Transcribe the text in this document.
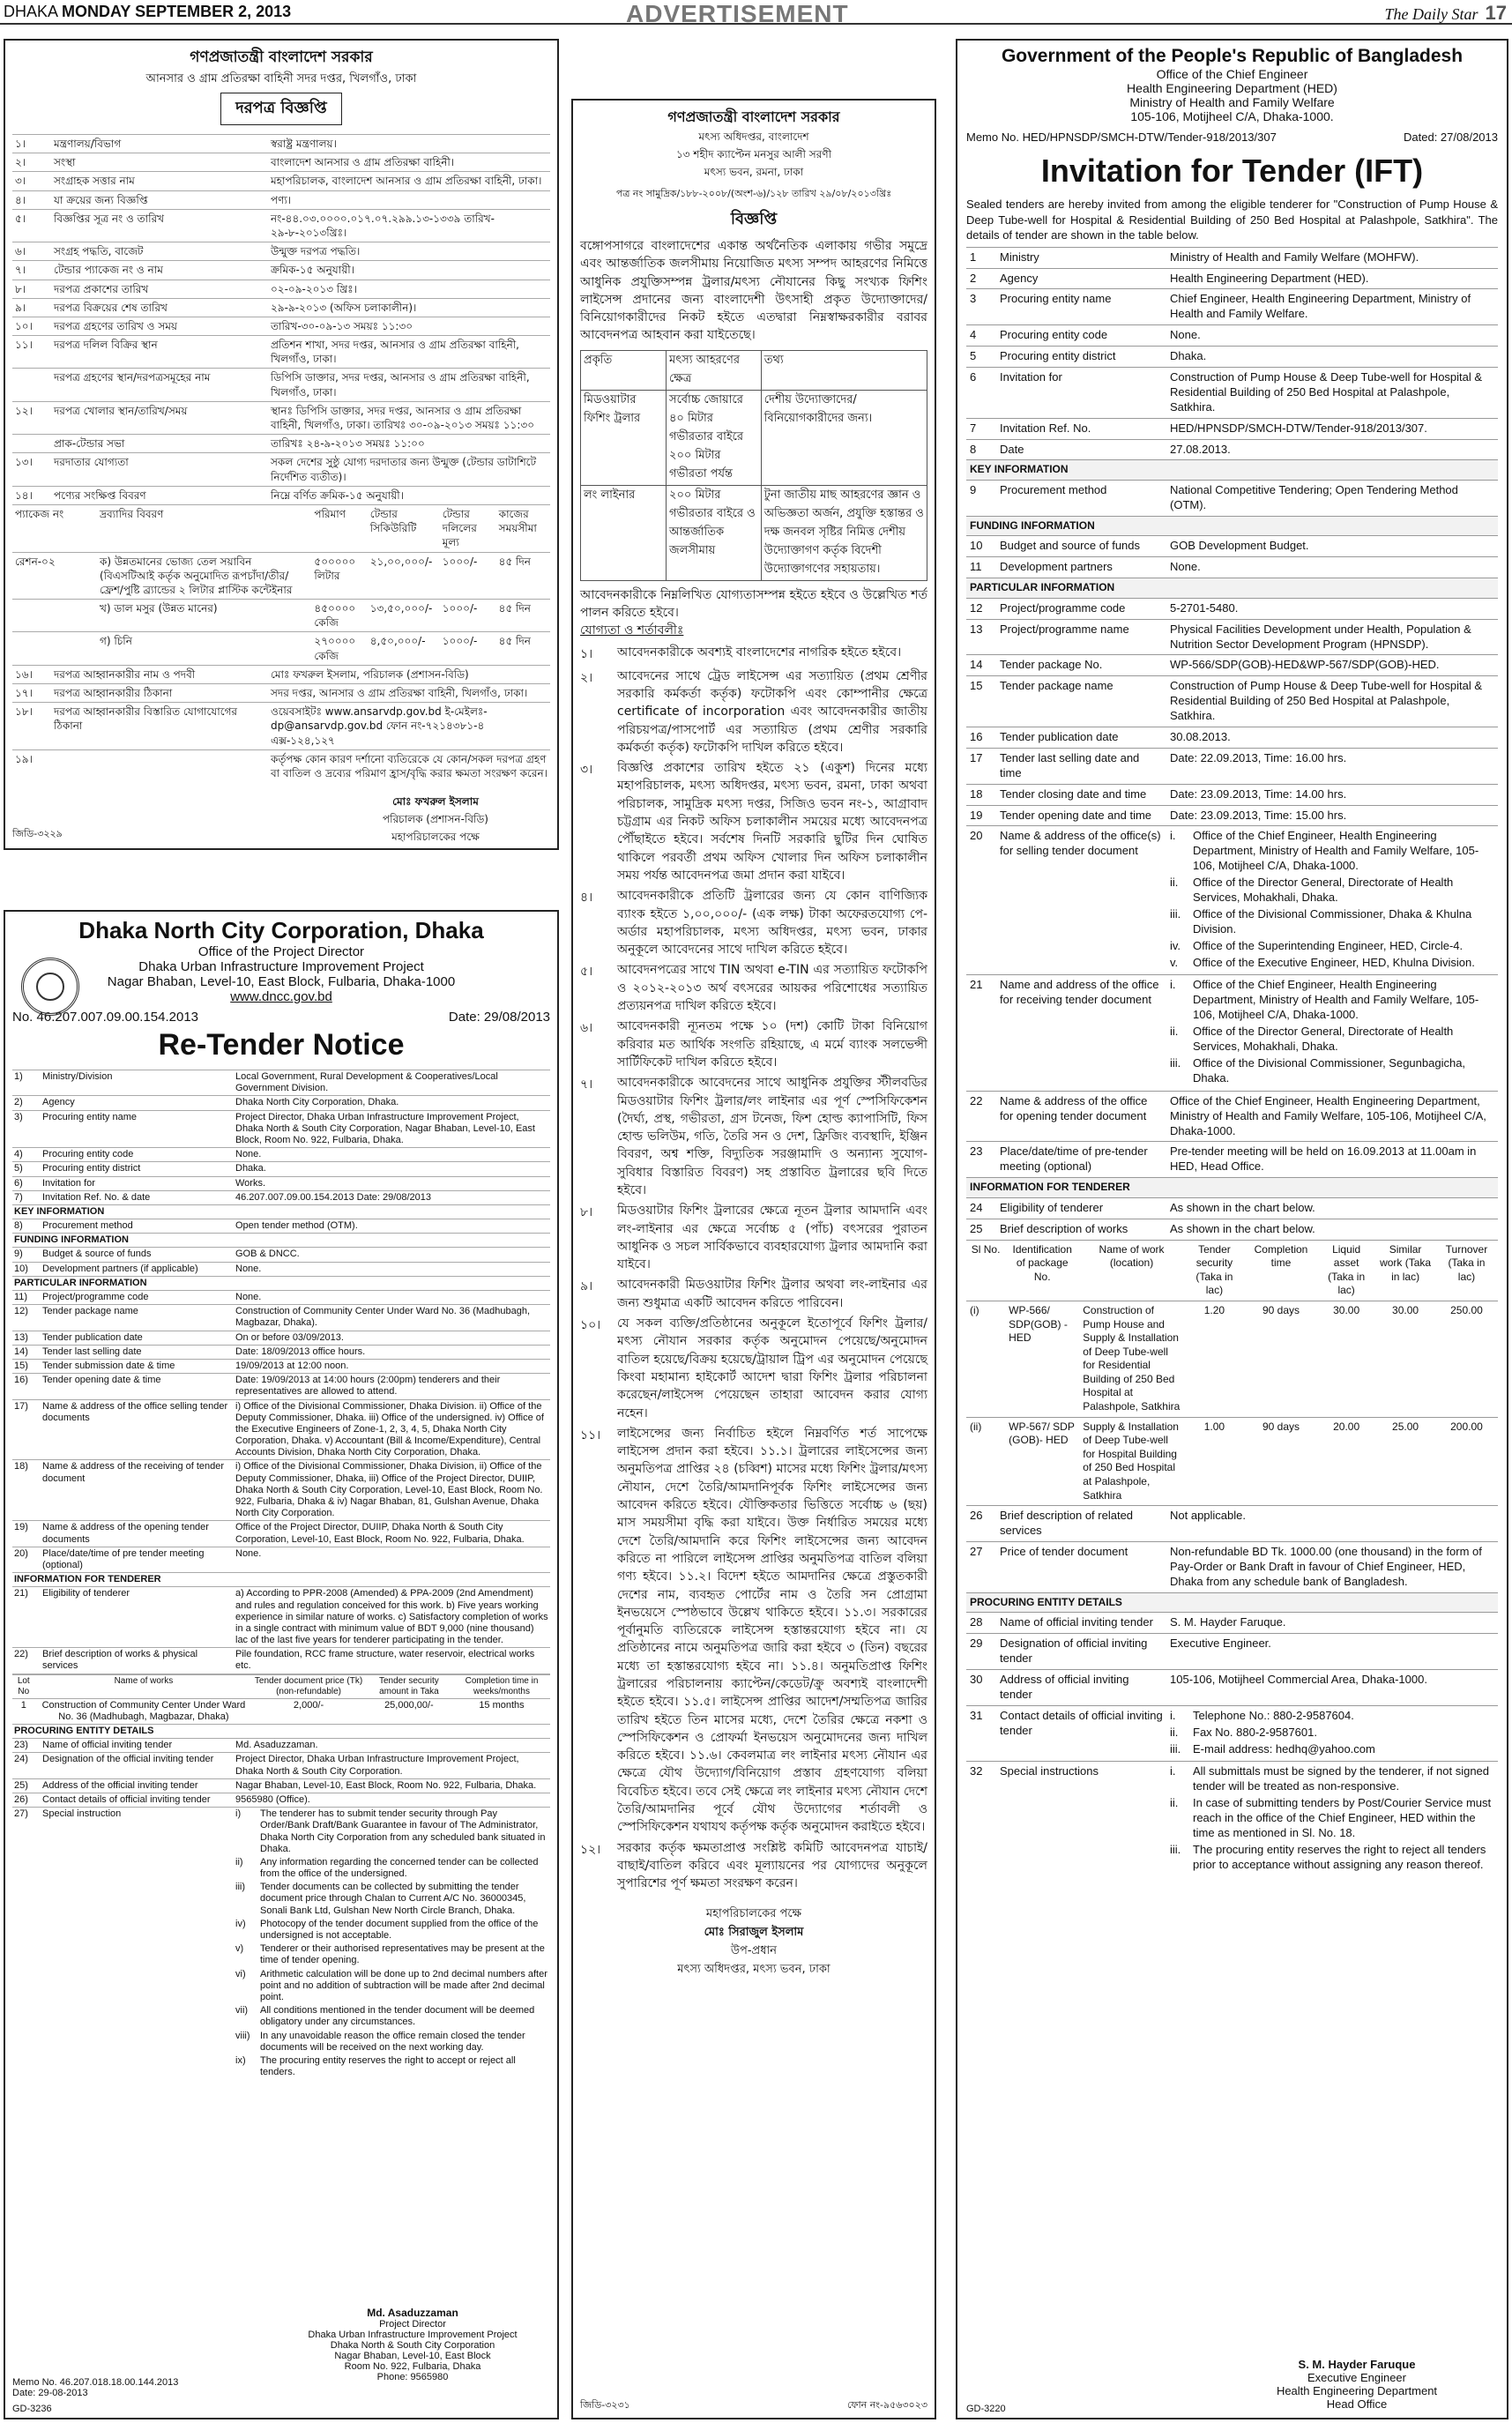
DHAKA MONDAY SEPTEMBER 2, 2013	ADVERTISEMENT	The Daily Star 17
গণপ্রজাতন্ত্রী বাংলাদেশ সরকার
আনসার ও গ্রাম প্রতিরক্ষা বাহিনী সদর দপ্তর, খিলগাঁও, ঢাকা
দরপত্র বিজ্ঞপ্তি
১।	মন্ত্রণালয়/বিভাগ	স্বরাষ্ট্র মন্ত্রণালয়।
২।	সংস্থা	বাংলাদেশ আনসার ও গ্রাম প্রতিরক্ষা বাহিনী।
৩।	সংগ্রাহক সত্তার নাম	মহাপরিচালক, বাংলাদেশ আনসার ও গ্রাম প্রতিরক্ষা বাহিনী, ঢাকা।
৪।	যা ক্রয়ের জন্য বিজ্ঞপ্তি	পণ্য।
৫।	বিজ্ঞপ্তির সূত্র নং ও তারিখ	নং-৪৪.০৩.০০০০.০১৭.০৭.২৯৯.১৩-১৩৩৯ তারিখ- ২৯-৮-২০১৩খ্রিঃ।
৬।	সংগ্রহ পদ্ধতি, বাজেট	উন্মুক্ত দরপত্র পদ্ধতি।
৭।	টেন্ডার প্যাকেজ নং ও নাম	ক্রমিক-১৫ অনুযায়ী।
৮।	দরপত্র প্রকাশের তারিখ	০২-০৯-২০১৩ খ্রিঃ।
৯।	দরপত্র বিক্রয়ের শেষ তারিখ	২৯-৯-২০১৩ (অফিস চলাকালীন)।
১০।	দরপত্র গ্রহণের তারিখ ও সময়	তারিখ-৩০-০৯-১৩ সময়ঃ ১১:৩০
১১।	দরপত্র দলিল বিক্রির স্থান	প্রতিশন শাখা, সদর দপ্তর, আনসার ও গ্রাম প্রতিরক্ষা বাহিনী, খিলগাঁও, ঢাকা।
	দরপত্র গ্রহণের স্থান/দরপত্রসমূহের নাম	ডিপিসি ডাক্তার, সদর দপ্তর, আনসার ও গ্রাম প্রতিরক্ষা বাহিনী, খিলগাঁও, ঢাকা।
১২।	দরপত্র খোলার স্থান/তারিখ/সময়	স্থানঃ ডিপিসি ডাক্তার, সদর দপ্তর, আনসার ও গ্রাম প্রতিরক্ষা বাহিনী, খিলগাঁও, ঢাকা। তারিখঃ ৩০-০৯-২০১৩ সময়ঃ ১১:৩০
	প্রাক-টেন্ডার সভা	তারিখঃ ২৪-৯-২০১৩ সময়ঃ ১১:০০
১৩।	দরদাতার যোগ্যতা	সকল দেশের সুষ্ঠু যোগ্য দরদাতার জন্য উন্মুক্ত (টেন্ডার ডাটাশিটে নির্দেশিত ব্যতীত)।
১৪।	পণ্যের সংক্ষিপ্ত বিবরণ	নিম্নে বর্ণিত ক্রমিক-১৫ অনুযায়ী।
প্যাকেজ নং	দ্রব্যাদির বিবরণ	পরিমাণ	টেন্ডার সিকিউরিটি	টেন্ডার দলিলের মূল্য	কাজের সময়সীমা
রেশন-০২	ক) উন্নতমানের ভোজ্য তেল সয়াবিন (বিএসটিআই কর্তৃক অনুমোদিত রূপচাঁদা/তীর/ফ্রেশ/পুষ্টি ব্র্যান্ডের ২ লিটার প্লাস্টিক কন্টেইনার	৫০০০০০ লিটার	২১,০০,০০০/-	১০০০/-	৪৫ দিন
	খ) ডাল মসুর (উন্নত মানের)	৪৫০০০০ কেজি	১৩,৫০,০০০/-	১০০০/-	৪৫ দিন
	গ) চিনি	২৭০০০০ কেজি	৪,৫০,০০০/-	১০০০/-	৪৫ দিন
১৬।	দরপত্র আহ্বানকারীর নাম ও পদবী	মোঃ ফখরুল ইসলাম, পরিচালক (প্রশাসন-বিডি)
১৭।	দরপত্র আহ্বানকারীর ঠিকানা	সদর দপ্তর, আনসার ও গ্রাম প্রতিরক্ষা বাহিনী, খিলগাঁও, ঢাকা।
১৮।	দরপত্র আহ্বানকারীর বিস্তারিত যোগাযোগের ঠিকানা	ওয়েবসাইটঃ www.ansarvdp.gov.bd ই-মেইলঃ-dp@ansarvdp.gov.bd ফোন নং-৭২১৪৩৮১-৪ এক্স-১২৪,১২৭
১৯।		কর্তৃপক্ষ কোন কারণ দর্শানো ব্যতিরেকে যে কোন/সকল দরপত্র গ্রহণ বা বাতিল ও দ্রব্যের পরিমাণ হ্রাস/বৃদ্ধি করার ক্ষমতা সংরক্ষণ করেন।
মোঃ ফখরুল ইসলাম
পরিচালক (প্রশাসন-বিডি)
মহাপরিচালকের পক্ষে
জিডি-৩২২৯
Dhaka North City Corporation, Dhaka
Office of the Project Director
Dhaka Urban Infrastructure Improvement Project
Nagar Bhaban, Level-10, East Block, Fulbaria, Dhaka-1000
www.dncc.gov.bd
No. 46.207.007.09.00.154.2013	Date: 29/08/2013
Re-Tender Notice
1)	Ministry/Division	Local Government, Rural Development & Cooperatives/Local Government Division.
2)	Agency	Dhaka North City Corporation, Dhaka.
3)	Procuring entity name	Project Director, Dhaka Urban Infrastructure Improvement Project, Dhaka North & South City Corporation, Nagar Bhaban, Level-10, East Block, Room No. 922, Fulbaria, Dhaka.
4)	Procuring entity code	None.
5)	Procuring entity district	Dhaka.
6)	Invitation for	Works.
7)	Invitation Ref. No. & date	46.207.007.09.00.154.2013 Date: 29/08/2013
KEY INFORMATION
8)	Procurement method	Open tender method (OTM).
FUNDING INFORMATION
9)	Budget & source of funds	GOB & DNCC.
10)	Development partners (if applicable)	None.
PARTICULAR INFORMATION
11)	Project/programme code	None.
12)	Tender package name	Construction of Community Center Under Ward No. 36 (Madhubagh, Magbazar, Dhaka).
13)	Tender publication date	On or before 03/09/2013.
14)	Tender last selling date	Date: 18/09/2013 office hours.
15)	Tender submission date & time	19/09/2013 at 12:00 noon.
16)	Tender opening date & time	Date: 19/09/2013 at 14:00 hours (2:00pm) tenderers and their representatives are allowed to attend.
17)	Name & address of the office selling tender documents	i) Office of the Divisional Commissioner, Dhaka Division. ii) Office of the Deputy Commissioner, Dhaka. iii) Office of the undersigned. iv) Office of the Executive Engineers of Zone-1, 2, 3, 4, 5, Dhaka North City Corporation, Dhaka. v) Accountant (Bill & Income/Expenditure), Central Accounts Division, Dhaka North City Corporation, Dhaka.
18)	Name & address of the receiving of tender document	i) Office of the Divisional Commissioner, Dhaka Division, ii) Office of the Deputy Commissioner, Dhaka, iii) Office of the Project Director, DUIIP, Dhaka North & South City Corporation, Level-10, East Block, Room No. 922, Fulbaria, Dhaka & iv) Nagar Bhaban, 81, Gulshan Avenue, Dhaka North City Corporation.
19)	Name & address of the opening tender documents	Office of the Project Director, DUIIP, Dhaka North & South City Corporation, Level-10, East Block, Room No. 922, Fulbaria, Dhaka.
20)	Place/date/time of pre tender meeting (optional)	None.
INFORMATION FOR TENDERER
21)	Eligibility of tenderer	a) According to PPR-2008 (Amended) & PPA-2009 (2nd Amendment) and rules and regulation conceived for this work. b) Five years working experience in similar nature of works. c) Satisfactory completion of works in a single contract with minimum value of BDT 9,000 (nine thousand) lac of the last five years for tenderer participating in the tender.
22)	Brief description of works & physical services	Pile foundation, RCC frame structure, water reservoir, electrical works etc.

Lot No	Name of works	Tender document price (Tk) (non-refundable)	Tender security amount in Taka	Completion time in weeks/months
1	Construction of Community Center Under Ward No. 36 (Madhubagh, Magbazar, Dhaka)	2,000/-	25,000,00/-	15 months

PROCURING ENTITY DETAILS
23)	Name of official inviting tender	Md. Asaduzzaman.
24)	Designation of the official inviting tender	Project Director, Dhaka Urban Infrastructure Improvement Project, Dhaka North & South City Corporation.
25)	Address of the official inviting tender	Nagar Bhaban, Level-10, East Block, Room No. 922, Fulbaria, Dhaka.
26)	Contact details of official inviting tender	9565980 (Office).
27)	Special instruction	i)	The tenderer has to submit tender security through Pay Order/Bank Draft/Bank Guarantee in favour of The Administrator, Dhaka North City Corporation from any scheduled bank situated in Dhaka.
ii)	Any information regarding the concerned tender can be collected from the office of the undersigned.
iii)	Tender documents can be collected by submitting the tender document price through Chalan to Current A/C No. 36000345, Sonali Bank Ltd, Gulshan New North Circle Branch, Dhaka.
iv)	Photocopy of the tender document supplied from the office of the undersigned is not acceptable.
v)	Tenderer or their authorised representatives may be present at the time of tender opening.
vi)	Arithmetic calculation will be done up to 2nd decimal numbers after point and no addition of subtraction will be made after 2nd decimal point.
vii)	All conditions mentioned in the tender document will be deemed obligatory under any circumstances.
viii)	In any unavoidable reason the office remain closed the tender documents will be received on the next working day.
ix)	The procuring entity reserves the right to accept or reject all tenders.
Md. Asaduzzaman
Project Director
Dhaka Urban Infrastructure Improvement Project
Dhaka North & South City Corporation
Nagar Bhaban, Level-10, East Block
Room No. 922, Fulbaria, Dhaka
Phone: 9565980
Memo No. 46.207.018.18.00.144.2013
Date: 29-08-2013
GD-3236
গণপ্রজাতন্ত্রী বাংলাদেশ সরকার
মৎস্য অধিদপ্তর, বাংলাদেশ
১৩ শহীদ ক্যাপ্টেন মনসুর আলী সরণী
মৎস্য ভবন, রমনা, ঢাকা
পত্র নং সামুদ্রিক/১৮৮-২০০৮/(অংশ-৬)/১২৮ তারিখ ২৯/০৮/২০১৩খ্রিঃ
বিজ্ঞপ্তি

বঙ্গোপসাগরে বাংলাদেশের একান্ত অর্থনৈতিক এলাকায় গভীর সমুদ্রে এবং আন্তর্জাতিক জলসীমায় নিয়োজিত মৎস্য সম্পদ আহরণের নিমিত্তে আধুনিক প্রযুক্তিসম্পন্ন ট্রলার/মৎস্য নৌযানের কিছু সংখ্যক ফিশিং লাইসেন্স প্রদানের জন্য বাংলাদেশী উৎসাহী প্রকৃত উদ্যোক্তাদের/বিনিয়োগকারীদের নিকট হইতে এতদ্বারা নিম্নস্বাক্ষরকারীর বরাবর আবেদনপত্র আহবান করা যাইতেছে।

প্রকৃতি	মৎস্য আহরণের ক্ষেত্র	তথ্য
মিডওয়াটার ফিশিং ট্রলার	সর্বোচ্চ জোয়ারে ৪০ মিটার গভীরতার বাইরে ২০০ মিটার গভীরতা পর্যন্ত	দেশীয় উদ্যোক্তাদের/বিনিয়োগকারীদের জন্য।
লং লাইনার	২০০ মিটার গভীরতার বাইরে ও আন্তর্জাতিক জলসীমায়	টুনা জাতীয় মাছ আহরণের জ্ঞান ও অভিজ্ঞতা অর্জন, প্রযুক্তি হস্তান্তর ও দক্ষ জনবল সৃষ্টির নিমিত্ত দেশীয় উদ্যোক্তাগণ কর্তৃক বিদেশী উদ্যোক্তাগণের সহায়তায়।

আবেদনকারীকে নিম্নলিখিত যোগ্যতাসম্পন্ন হইতে হইবে ও উল্লেখিত শর্ত পালন করিতে হইবে।

যোগ্যতা ও শর্তাবলীঃ

১।	আবেদনকারীকে অবশ্যই বাংলাদেশের নাগরিক হইতে হইবে।
২।	আবেদনের সাথে ট্রেড লাইসেন্স এর সত্যায়িত (প্রথম শ্রেণীর সরকারি কর্মকর্তা কর্তৃক) ফটোকপি এবং কোম্পানীর ক্ষেত্রে certificate of incorporation এবং আবেদনকারীর জাতীয় পরিচয়পত্র/পাসপোর্ট এর সত্যায়িত (প্রথম শ্রেণীর সরকারি কর্মকর্তা কর্তৃক) ফটোকপি দাখিল করিতে হইবে।
৩।	বিজ্ঞপ্তি প্রকাশের তারিখ হইতে ২১ (একুশ) দিনের মধ্যে মহাপরিচালক, মৎস্য অধিদপ্তর, মৎস্য ভবন, রমনা, ঢাকা অথবা পরিচালক, সামুদ্রিক মৎস্য দপ্তর, সিজিও ভবন নং-১, আগ্রাবাদ চট্টগ্রাম এর নিকট অফিস চলাকালীন সময়ের মধ্যে আবেদনপত্র পৌঁছাইতে হইবে। সর্বশেষ দিনটি সরকারি ছুটির দিন ঘোষিত থাকিলে পরবর্তী প্রথম অফিস খোলার দিন অফিস চলাকালীন সময় পর্যন্ত আবেদনপত্র জমা প্রদান করা যাইবে।
৪।	আবেদনকারীকে প্রতিটি ট্রলারের জন্য যে কোন বাণিজ্যিক ব্যাংক হইতে ১,০০,০০০/- (এক লক্ষ) টাকা অফেরতযোগ্য পে-অর্ডার মহাপরিচালক, মৎস্য অধিদপ্তর, মৎস্য ভবন, ঢাকার অনুকূলে আবেদনের সাথে দাখিল করিতে হইবে।
৫।	আবেদনপত্রের সাথে TIN অথবা e-TIN এর সত্যায়িত ফটোকপি ও ২০১২-২০১৩ অর্থ বৎসরের আয়কর পরিশোধের সত্যায়িত প্রত্যয়নপত্র দাখিল করিতে হইবে।
৬।	আবেদনকারী ন্যূনতম পক্ষে ১০ (দশ) কোটি টাকা বিনিয়োগ করিবার মত আর্থিক সংগতি রহিয়াছে, এ মর্মে ব্যাংক সলভেন্সী সার্টিফিকেট দাখিল করিতে হইবে।
৭।	আবেদনকারীকে আবেদনের সাথে আধুনিক প্রযুক্তির স্টীলবডির মিডওয়াটার ফিশিং ট্রলার/লং লাইনার এর পূর্ণ স্পেসিফিকেশন (দৈর্ঘ্য, প্রস্থ, গভীরতা, গ্রস টনেজ, ফিশ হোল্ড ক্যাপাসিটি, ফিস হোল্ড ভলিউম, গতি, তৈরি সন ও দেশ, ফ্রিজিং ব্যবস্থাদি, ইঞ্জিন বিবরণ, অশ্ব শক্তি, বিদ্যুতিক সরঞ্জামাদি ও অন্যান্য সুযোগ-সুবিধার বিস্তারিত বিবরণ) সহ প্রস্তাবিত ট্রলারের ছবি দিতে হইবে।
৮।	মিডওয়াটার ফিশিং ট্রলারের ক্ষেত্রে নূতন ট্রলার আমদানি এবং লং-লাইনার এর ক্ষেত্রে সর্বোচ্চ ৫ (পাঁচ) বৎসরের পুরাতন আধুনিক ও সচল সার্বিকভাবে ব্যবহারযোগ্য ট্রলার আমদানি করা যাইবে।
৯।	আবেদনকারী মিডওয়াটার ফিশিং ট্রলার অথবা লং-লাইনার এর জন্য শুধুমাত্র একটি আবেদন করিতে পারিবেন।
১০।	যে সকল ব্যক্তি/প্রতিষ্ঠানের অনুকূলে ইতোপূর্বে ফিশিং ট্রলার/মৎস্য নৌযান সরকার কর্তৃক অনুমোদন পেয়েছে/অনুমোদন বাতিল হয়েছে/বিক্রয় হয়েছে/ট্রায়াল ট্রিপ এর অনুমোদন পেয়েছে কিংবা মহামান্য হাইকোর্ট আদেশ দ্বারা ফিশিং ট্রলার পরিচালনা করেছেন/লাইসেন্স পেয়েছেন তাহারা আবেদন করার যোগ্য নহেন।
১১।	লাইসেন্সের জন্য নির্বাচিত হইলে নিম্নবর্ণিত শর্ত সাপেক্ষে লাইসেন্স প্রদান করা হইবে। ১১.১। ট্রলারের লাইসেন্সের জন্য অনুমতিপত্র প্রাপ্তির ২৪ (চব্বিশ) মাসের মধ্যে ফিশিং ট্রলার/মৎস্য নৌযান, দেশে তৈরি/আমদানিপূর্বক ফিশিং লাইসেন্সের জন্য আবেদন করিতে হইবে। যৌক্তিকতার ভিত্তিতে সর্বোচ্চ ৬ (ছয়) মাস সময়সীমা বৃদ্ধি করা যাইবে। উক্ত নির্ধারিত সময়ের মধ্যে দেশে তৈরি/আমদানি করে ফিশিং লাইসেন্সের জন্য আবেদন করিতে না পারিলে লাইসেন্স প্রাপ্তির অনুমতিপত্র বাতিল বলিয়া গণ্য হইবে। ১১.২। বিদেশ হইতে আমদানির ক্ষেত্রে প্রস্তুতকারী দেশের নাম, ব্যবহৃত পোর্টের নাম ও তৈরি সন প্রোগ্রামা ইনভয়েসে স্পেষ্ঠভাবে উল্লেখ থাকিতে হইবে। ১১.৩। সরকারের পূর্বানুমতি ব্যতিরেকে লাইসেন্স হস্তান্তরযোগ্য হইবে না। যে প্রতিষ্ঠানের নামে অনুমতিপত্র জারি করা হইবে ৩ (তিন) বছরের মধ্যে তা হস্তান্তরযোগ্য হইবে না। ১১.৪। অনুমতিপ্রাপ্ত ফিশিং ট্রলারের পরিচালনায় ক্যাপ্টেন/কেডেট/ক্রু অবশ্যই বাংলাদেশী হইতে হইবে। ১১.৫। লাইসেন্স প্রাপ্তির আদেশ/সম্মতিপত্র জারির তারিখ হইতে তিন মাসের মধ্যে, দেশে তৈরির ক্ষেত্রে নকশা ও স্পেসিফিকেশন ও প্রোফর্মা ইনভয়েস অনুমোদনের জন্য দাখিল করিতে হইবে। ১১.৬। কেবলমাত্র লং লাইনার মৎস্য নৌযান এর ক্ষেত্রে যৌথ উদ্যোগ/বিনিয়োগ প্রস্তাব গ্রহণযোগ্য বলিয়া বিবেচিত হইবে। তবে সেই ক্ষেত্রে লং লাইনার মৎস্য নৌযান দেশে তৈরি/আমদানির পূর্বে যৌথ উদ্যোগের শর্তাবলী ও স্পেসিফিকেশন যথাযথ কর্তৃপক্ষ কর্তৃক অনুমোদন করাইতে হইবে।
১২।	সরকার কর্তৃক ক্ষমতাপ্রাপ্ত সংশ্লিষ্ট কমিটি আবেদনপত্র যাচাই/বাছাই/বাতিল করিবে এবং মূল্যায়নের পর যোগ্যদের অনুকূলে সুপারিশের পূর্ণ ক্ষমতা সংরক্ষণ করেন।
মহাপরিচালকের পক্ষে
মোঃ সিরাজুল ইসলাম
উপ-প্রধান
মৎস্য অধিদপ্তর, মৎস্য ভবন, ঢাকা
জিডি-৩২৩১	ফোন নং-৯৫৬৩০২৩
Government of the People's Republic of Bangladesh
Office of the Chief Engineer
Health Engineering Department (HED)
Ministry of Health and Family Welfare
105-106, Motijheel C/A, Dhaka-1000.
Memo No. HED/HPNSDP/SMCH-DTW/Tender-918/2013/307	Dated: 27/08/2013
Invitation for Tender (IFT)
Sealed tenders are hereby invited from among the eligible tenderer for "Construction of Pump House & Deep Tube-well for Hospital & Residential Building of 250 Bed Hospital at Palashpole, Satkhira". The details of tender are shown in the table below.
1	Ministry	Ministry of Health and Family Welfare (MOHFW).
2	Agency	Health Engineering Department (HED).
3	Procuring entity name	Chief Engineer, Health Engineering Department, Ministry of Health and Family Welfare.
4	Procuring entity code	None.
5	Procuring entity district	Dhaka.
6	Invitation for	Construction of Pump House & Deep Tube-well for Hospital & Residential Building of 250 Bed Hospital at Palashpole, Satkhira.
7	Invitation Ref. No.	HED/HPNSDP/SMCH-DTW/Tender-918/2013/307.
8	Date	27.08.2013.
KEY INFORMATION
9	Procurement method	National Competitive Tendering; Open Tendering Method (OTM).
FUNDING INFORMATION
10	Budget and source of funds	GOB Development Budget.
11	Development partners	None.
PARTICULAR INFORMATION
12	Project/programme code	5-2701-5480.
13	Project/programme name	Physical Facilities Development under Health, Population & Nutrition Sector Development Program (HPNSDP).
14	Tender package No.	WP-566/SDP(GOB)-HED&WP-567/SDP(GOB)-HED.
15	Tender package name	Construction of Pump House & Deep Tube-well for Hospital & Residential Building of 250 Bed Hospital at Palashpole, Satkhira.
16	Tender publication date	30.08.2013.
17	Tender last selling date and time	Date: 22.09.2013, Time: 16.00 hrs.
18	Tender closing date and time	Date: 23.09.2013, Time: 14.00 hrs.
19	Tender opening date and time	Date: 23.09.2013, Time: 15.00 hrs.
20	Name & address of the office(s) for selling tender document	
i.	Office of the Chief Engineer, Health Engineering Department, Ministry of Health and Family Welfare, 105-106, Motijheel C/A, Dhaka-1000.
ii.	Office of the Director General, Directorate of Health Services, Mohakhali, Dhaka.
iii.	Office of the Divisional Commissioner, Dhaka & Khulna Division.
iv.	Office of the Superintending Engineer, HED, Circle-4.
v.	Office of the Executive Engineer, HED, Khulna Division.

21	Name and address of the office for receiving tender document	
i.	Office of the Chief Engineer, Health Engineering Department, Ministry of Health and Family Welfare, 105-106, Motijheel C/A, Dhaka-1000.
ii.	Office of the Director General, Directorate of Health Services, Mohakhali, Dhaka.
iii.	Office of the Divisional Commissioner, Segunbagicha, Dhaka.

22	Name & address of the office for opening tender document	Office of the Chief Engineer, Health Engineering Department, Ministry of Health and Family Welfare, 105-106, Motijheel C/A, Dhaka-1000.
23	Place/date/time of pre-tender meeting (optional)	Pre-tender meeting will be held on 16.09.2013 at 11.00am in HED, Head Office.
INFORMATION FOR TENDERER
24	Eligibility of tenderer	As shown in the chart below.
25	Brief description of works	As shown in the chart below.

Sl No.	Identification of package No.	Name of work (location)	Tender security (Taka in lac)	Completion time	Liquid asset (Taka in lac)	Similar work (Taka in lac)	Turnover (Taka in lac)
(i)	WP-566/ SDP(GOB) -HED	Construction of Pump House and Supply & Installation of Deep Tube-well for Residential Building of 250 Bed Hospital at Palashpole, Satkhira	1.20	90 days	30.00	30.00	250.00
(ii)	WP-567/ SDP (GOB)- HED	Supply & Installation of Deep Tube-well for Hospital Building of 250 Bed Hospital at Palashpole, Satkhira	1.00	90 days	20.00	25.00	200.00

26	Brief description of related services	Not applicable.
27	Price of tender document	Non-refundable BD Tk. 1000.00 (one thousand) in the form of Pay-Order or Bank Draft in favour of Chief Engineer, HED, Dhaka from any schedule bank of Bangladesh.
PROCURING ENTITY DETAILS
28	Name of official inviting tender	S. M. Hayder Faruque.
29	Designation of official inviting tender	Executive Engineer.
30	Address of official inviting tender	105-106, Motijheel Commercial Area, Dhaka-1000.
31	Contact details of official inviting tender	
i.	Telephone No.: 880-2-9587604.
ii.	Fax No. 880-2-9587601.
iii.	E-mail address: hedhq@yahoo.com

32	Special instructions	i.	All submittals must be signed by the tenderer, if not signed tender will be treated as non-responsive.
ii.	In case of submitting tenders by Post/Courier Service must reach in the office of the Chief Engineer, HED within the time as mentioned in Sl. No. 18.
iii.	The procuring entity reserves the right to reject all tenders prior to acceptance without assigning any reason thereof.
S. M. Hayder Faruque
Executive Engineer
Health Engineering Department
Head Office
GD-3220
